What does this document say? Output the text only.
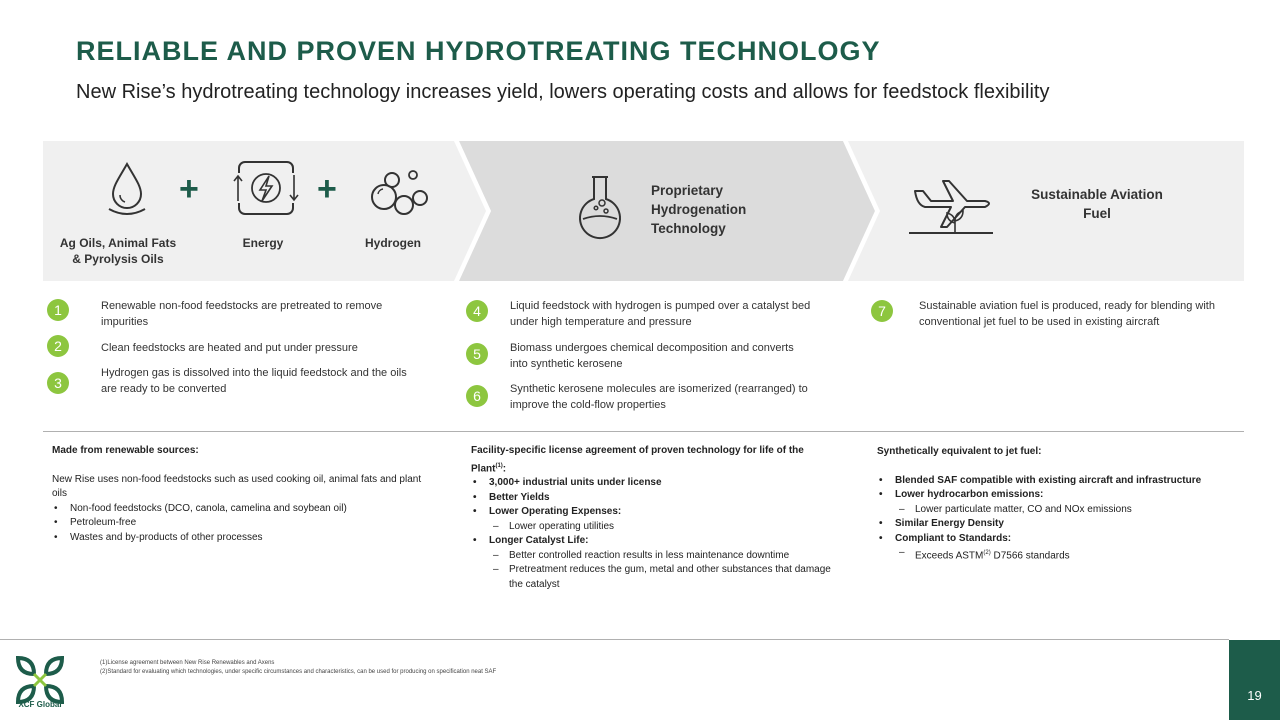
RELIABLE AND PROVEN HYDROTREATING TECHNOLOGY
New Rise’s hydrotreating technology increases yield, lowers operating costs and allows for feedstock flexibility
+	+
Ag Oils, Animal Fats
& Pyrolysis Oils
Energy	Hydrogen
Proprietary
Hydrogenation
Technology
Sustainable Aviation
Fuel
1	Renewable non-food feedstocks are pretreated to remove impurities
2	Clean feedstocks are heated and put under pressure
3
Hydrogen gas is dissolved into the liquid feedstock and the oils are ready to be converted
4	Liquid feedstock with hydrogen is pumped over a catalyst bed under high temperature and pressure
5	Biomass undergoes chemical decomposition and converts into synthetic kerosene
6	Synthetic kerosene molecules are isomerized (rearranged) to improve the cold-flow properties
7	Sustainable aviation fuel is produced, ready for blending with conventional jet fuel to be used in existing aircraft
Made from renewable sources:
New Rise uses non-food feedstocks such as used cooking oil, animal fats and plant oils
• Non-food feedstocks (DCO, canola, camelina and soybean oil)
• Petroleum-free
• Wastes and by-products of other processes
Facility-specific license agreement of proven technology for life of the Plant$^{(1)}$:
• 3,000+ industrial units under license
• Better Yields
• Lower Operating Expenses:
– Lower operating utilities
• Longer Catalyst Life:
– Better controlled reaction results in less maintenance downtime
– Pretreatment reduces the gum, metal and other substances that damage the catalyst
Synthetically equivalent to jet fuel:
• Blended SAF compatible with existing aircraft and infrastructure
• Lower hydrocarbon emissions:
– Lower particulate matter, CO and NOx emissions
• Similar Energy Density
• Compliant to Standards:
– Exceeds ASTM$^{(2)}$ D7566 standards
XCF Global
(1)License agreement between New Rise Renewables and Axens
(2)Standard for evaluating which technologies, under specific circumstances and characteristics, can be used for producing on specification neat SAF
19
